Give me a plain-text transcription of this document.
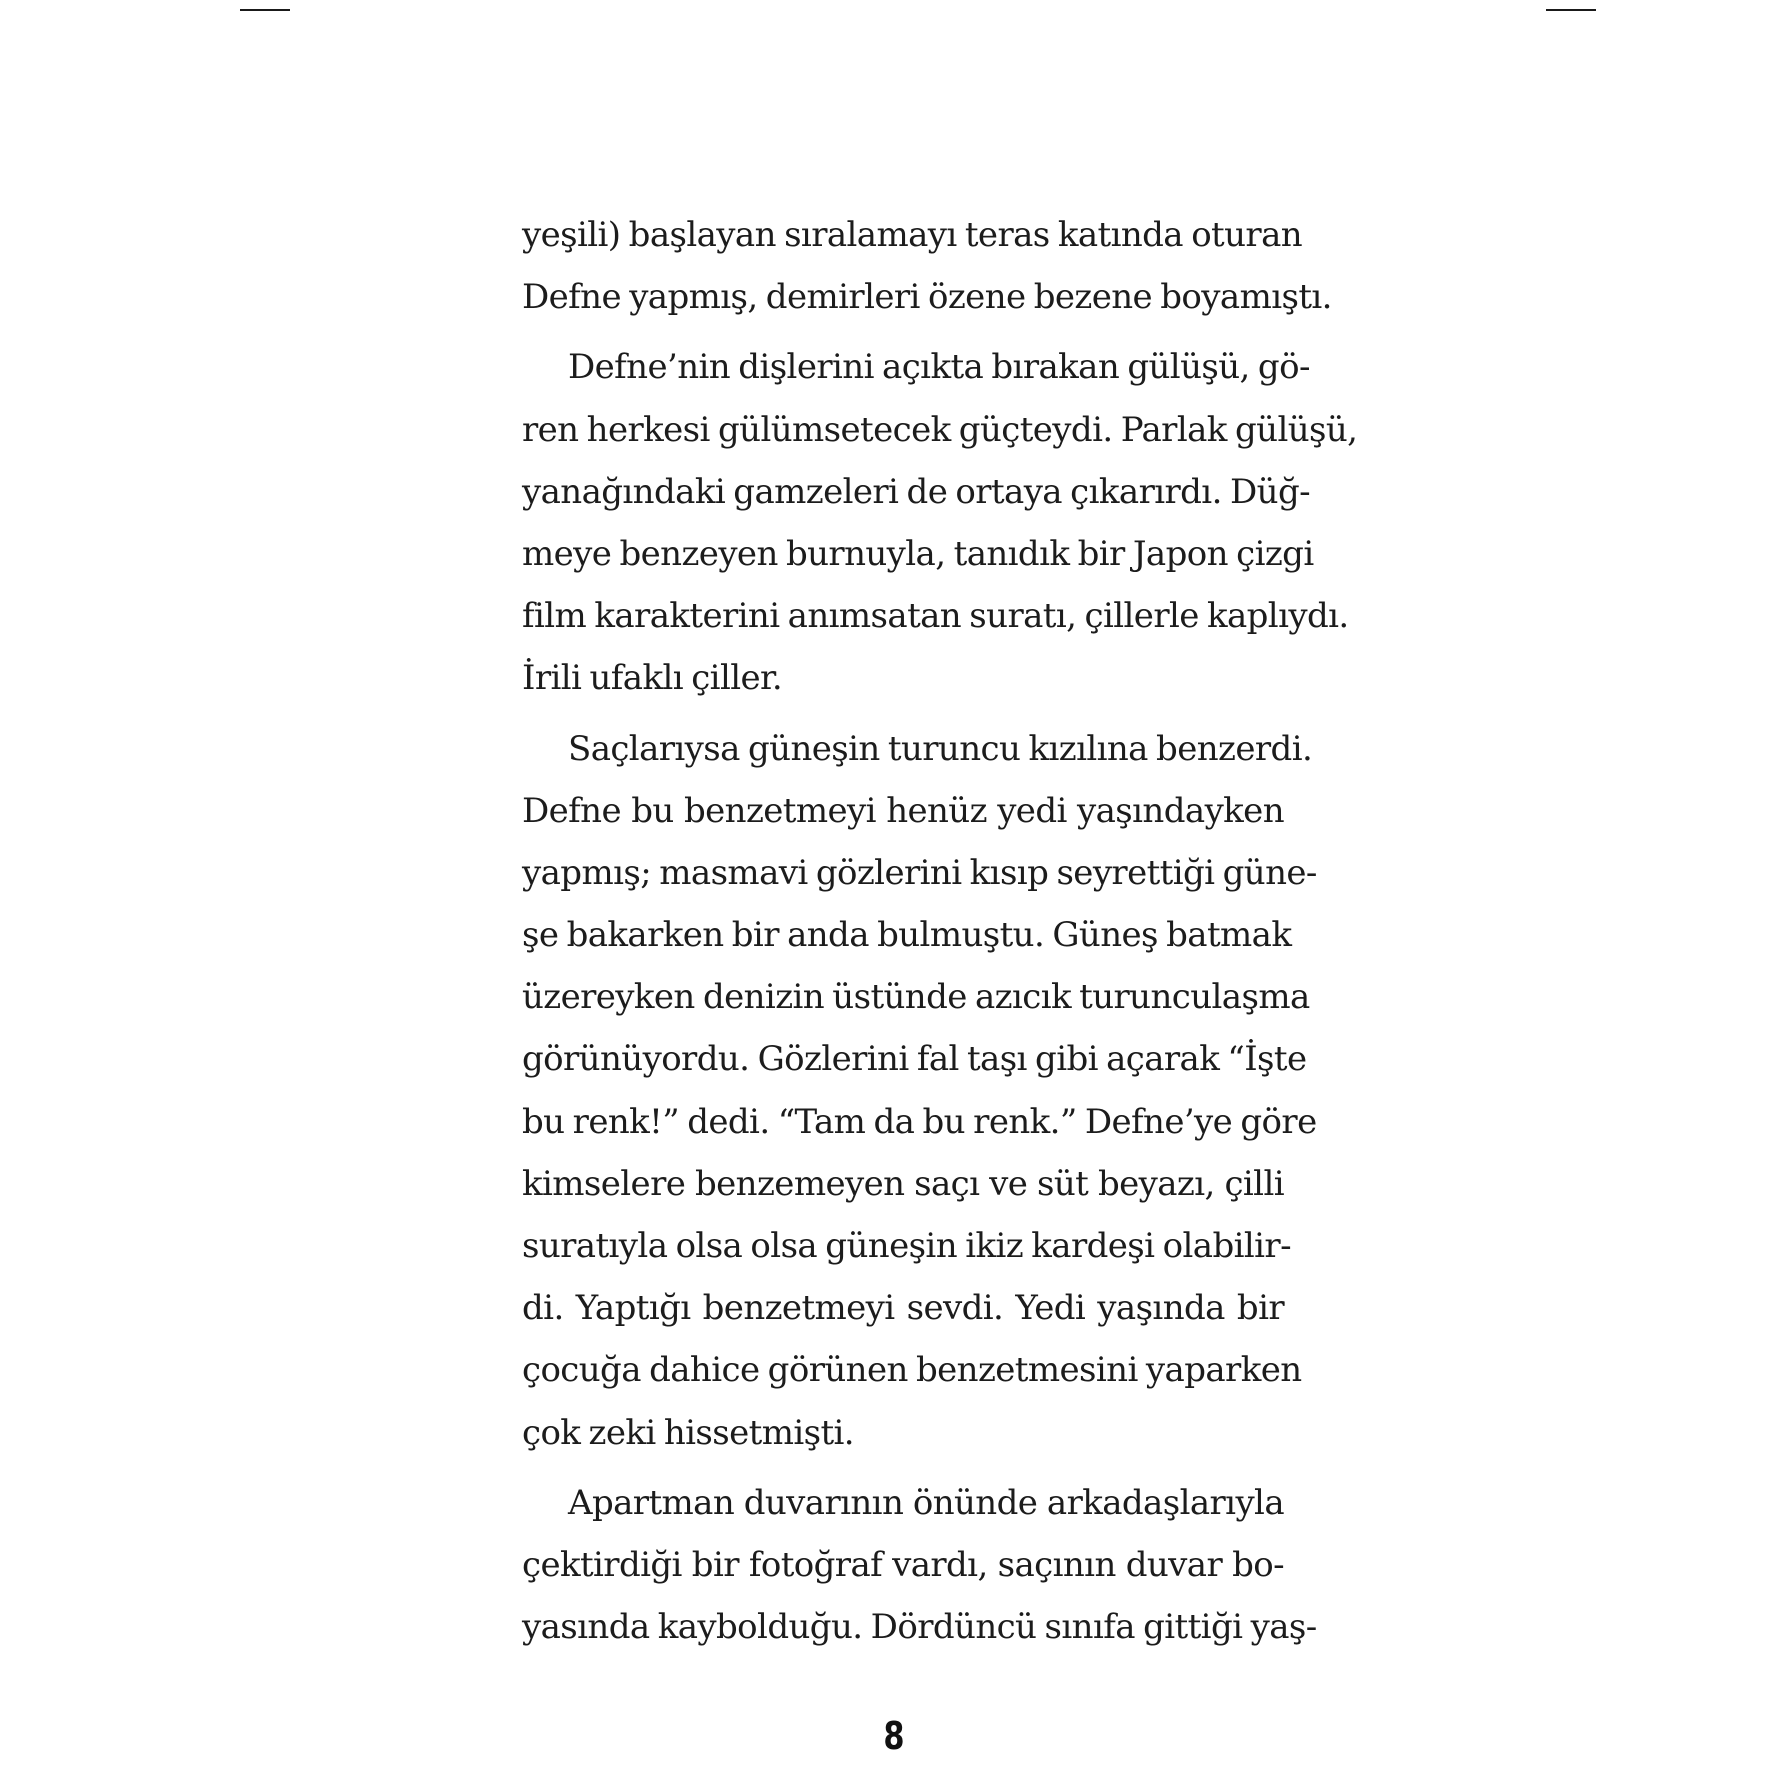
yeşili) başlayan sıralamayı teras katında oturan
Defne yapmış, demirleri özene bezene boyamıştı.
Defne’nin dişlerini açıkta bırakan gülüşü, gö-
ren herkesi gülümsetecek güçteydi. Parlak gülüşü,
yanağındaki gamzeleri de ortaya çıkarırdı. Düğ-
meye benzeyen burnuyla, tanıdık bir Japon çizgi
film karakterini anımsatan suratı, çillerle kaplıydı.
İrili ufaklı çiller.
Saçlarıysa güneşin turuncu kızılına benzerdi.
Defne bu benzetmeyi henüz yedi yaşındayken
yapmış; masmavi gözlerini kısıp seyrettiği güne-
şe bakarken bir anda bulmuştu. Güneş batmak
üzereyken denizin üstünde azıcık turunculaşma
görünüyordu. Gözlerini fal taşı gibi açarak “İşte
bu renk!” dedi. “Tam da bu renk.” Defne’ye göre
kimselere benzemeyen saçı ve süt beyazı, çilli
suratıyla olsa olsa güneşin ikiz kardeşi olabilir-
di. Yaptığı benzetmeyi sevdi. Yedi yaşında bir
çocuğa dahice görünen benzetmesini yaparken
çok zeki hissetmişti.
Apartman duvarının önünde arkadaşlarıyla
çektirdiği bir fotoğraf vardı, saçının duvar bo-
yasında kaybolduğu. Dördüncü sınıfa gittiği yaş-
8
